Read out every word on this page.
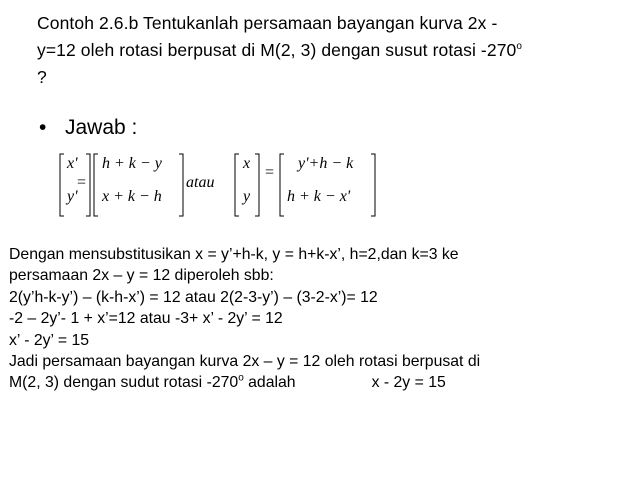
Contoh 2.6.b Tentukanlah persamaan bayangan kurva 2x -
y=12 oleh rotasi berpusat di M(2, 3) dengan susut rotasi -270$^o$
?
• Jawab :
x'
y'
=
h + k − y
x + k − h
atau
x
y
=
y'+h − k
h + k − x'
Dengan mensubstitusikan x = y’+h-k, y = h+k-x’, h=2,dan k=3 ke
persamaan 2x – y = 12 diperoleh sbb:
2(y’h-k-y’) – (k-h-x’) = 12 atau 2(2-3-y’) – (3-2-x’)= 12
-2 – 2y’- 1 + x’=12 atau -3+ x’ - 2y’ = 12
x’ - 2y’ = 15
Jadi persamaan bayangan kurva 2x – y = 12 oleh rotasi berpusat di
M(2, 3) dengan sudut rotasi -270$^o$ adalah	x - 2y = 15
